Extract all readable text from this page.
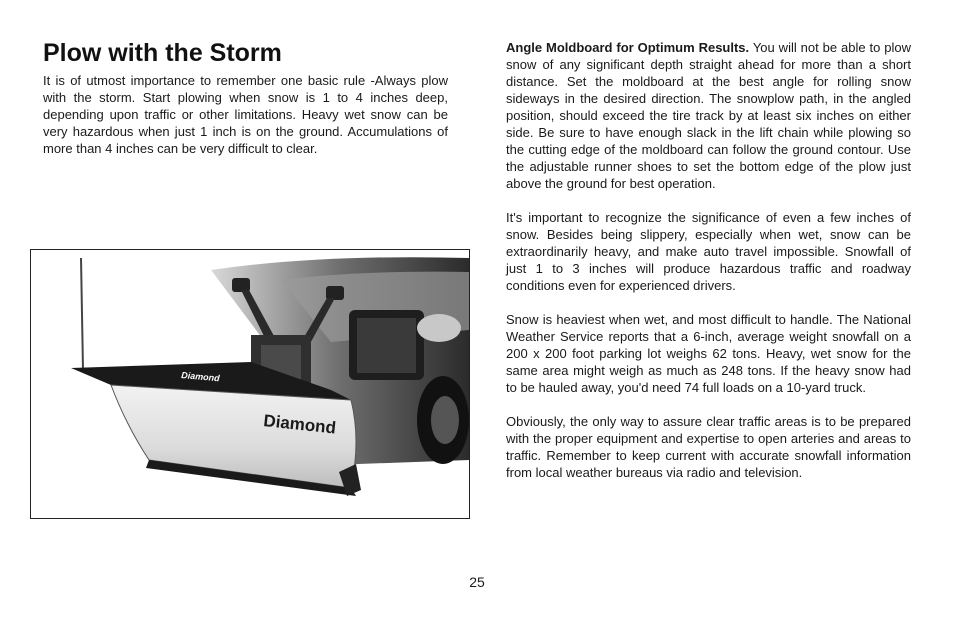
Plow with the Storm

It is of utmost importance to remember one basic rule -Always plow with the storm. Start plowing when snow is 1 to 4 inches deep, depending upon traffic or other limitations. Heavy wet snow can be very hazardous when just 1 inch is on the ground. Accumulations of more than 4 inches can be very difficult to clear.

Diamond
Diamond

Angle Moldboard for Optimum Results. You will not be able to plow snow of any significant depth straight ahead for more than a short distance. Set the moldboard at the best angle for rolling snow sideways in the desired direction. The snowplow path, in the angled position, should exceed the tire track by at least six inches on either side. Be sure to have enough slack in the lift chain while plowing so the cutting edge of the moldboard can follow the ground contour. Use the adjustable runner shoes to set the bottom edge of the plow just above the ground for best operation.

It's important to recognize the significance of even a few inches of snow. Besides being slippery, especially when wet, snow can be extraordinarily heavy, and make auto travel impossible. Snowfall of just 1 to 3 inches will produce hazardous traffic and roadway conditions even for experienced drivers.

Snow is heaviest when wet, and most difficult to handle. The National Weather Service reports that a 6-inch, average weight snowfall on a 200 x 200 foot parking lot weighs 62 tons. Heavy, wet snow for the same area might weigh as much as 248 tons. If the heavy snow had to be hauled away, you'd need 74 full loads on a 10-yard truck.

Obviously, the only way to assure clear traffic areas is to be prepared with the proper equipment and expertise to open arteries and areas to traffic. Remember to keep current with accurate snowfall information from local weather bureaus via radio and television.

25
